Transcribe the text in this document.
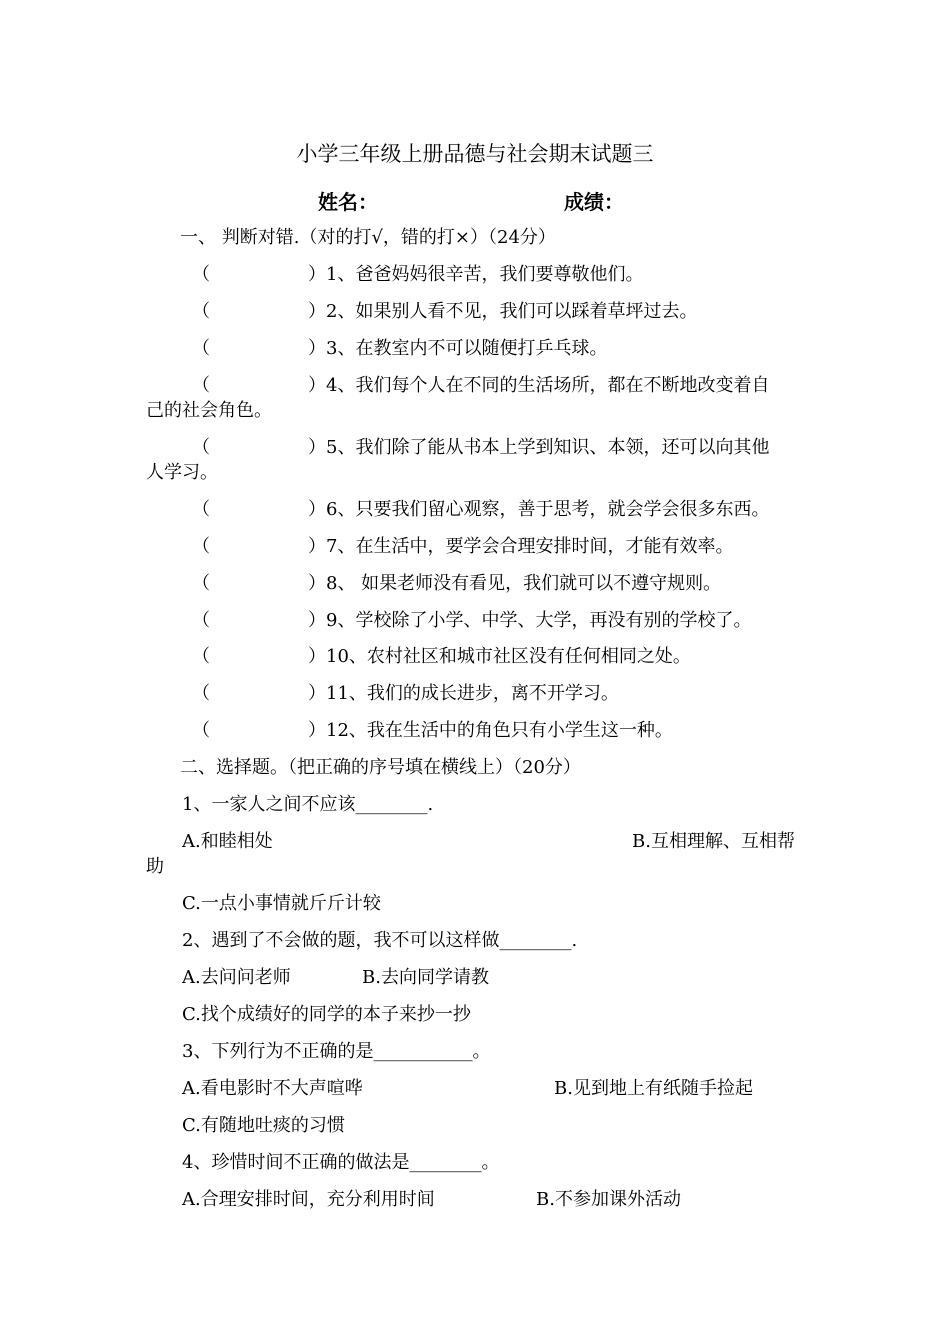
小学三年级上册品德与社会期末试题三
姓名：	成绩：
一、 判断对错.（对的打√，错的打×）（24分）
（	）1、爸爸妈妈很辛苦，我们要尊敬他们。
（	）2、如果别人看不见，我们可以踩着草坪过去。
（	）3、在教室内不可以随便打乒乓球。
（	）4、我们每个人在不同的生活场所，都在不断地改变着自
己的社会角色。
（	）5、我们除了能从书本上学到知识、本领，还可以向其他
人学习。
（	）6、只要我们留心观察，善于思考，就会学会很多东西。
（	）7、在生活中，要学会合理安排时间，才能有效率。
（	）8、 如果老师没有看见，我们就可以不遵守规则。
（	）9、学校除了小学、中学、大学，再没有别的学校了。
（	）10、农村社区和城市社区没有任何相同之处。
（	）11、我们的成长进步，离不开学习。
（	）12、我在生活中的角色只有小学生这一种。
二、选择题。（把正确的序号填在横线上）（20分）
1、一家人之间不应该________.
A.和睦相处	B.互相理解、互相帮
助
C.一点小事情就斤斤计较
2、遇到了不会做的题，我不可以这样做________.
A.去问问老师	B.去向同学请教
C.找个成绩好的同学的本子来抄一抄
3、下列行为不正确的是___________。
A.看电影时不大声喧哗	B.见到地上有纸随手捡起
C.有随地吐痰的习惯
4、珍惜时间不正确的做法是________。
A.合理安排时间，充分利用时间	B.不参加课外活动
